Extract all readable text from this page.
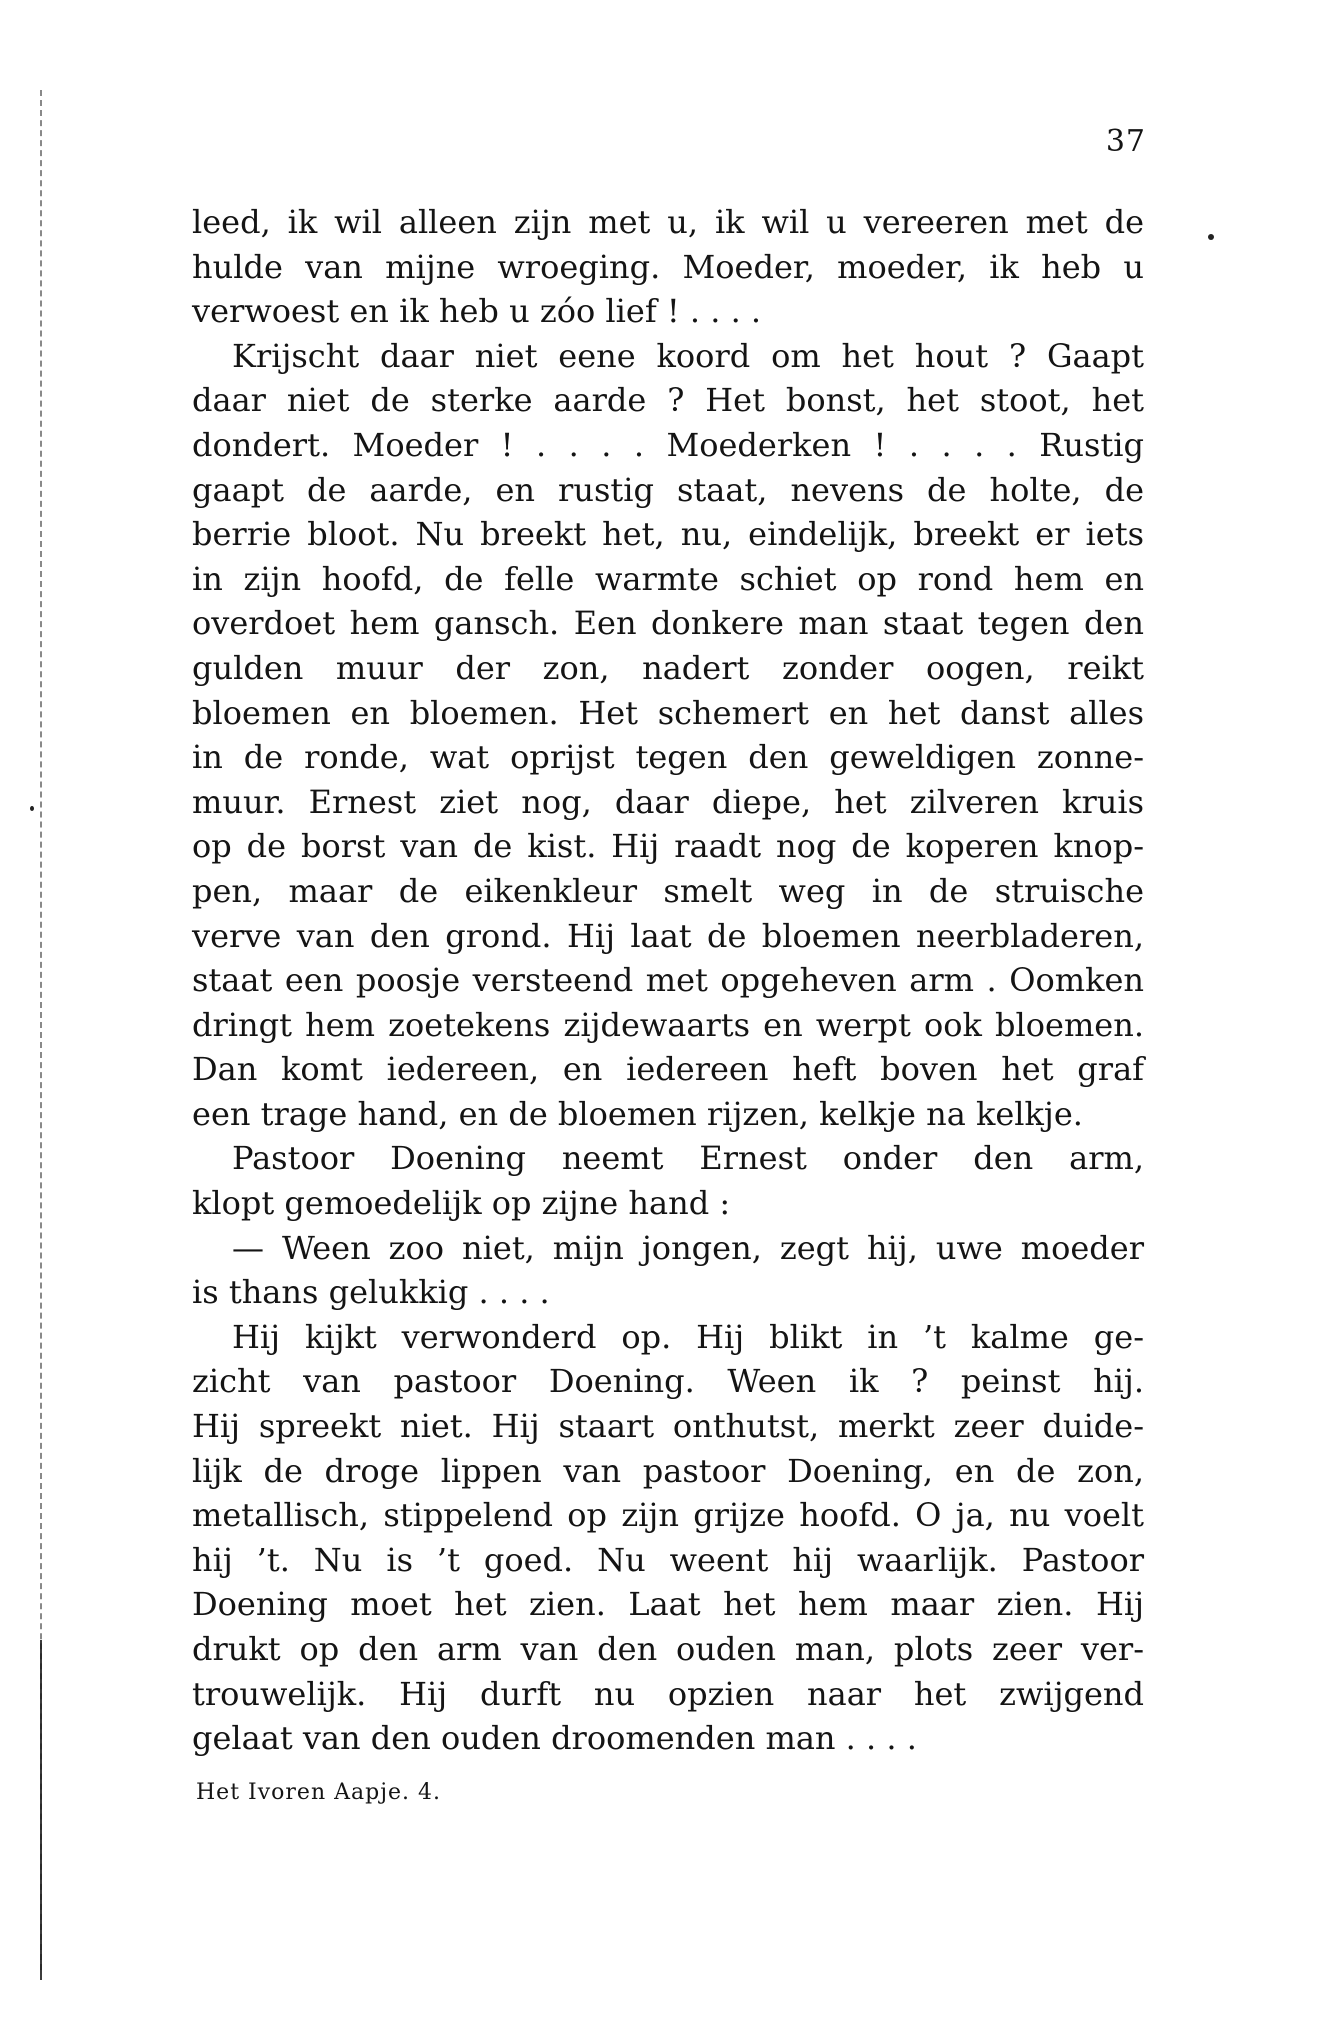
37
leed, ik wil alleen zijn met u, ik wil u vereeren met de
hulde van mijne wroeging. Moeder, moeder, ik heb u
verwoest en ik heb u zóo lief ! . . . .
Krijscht daar niet eene koord om het hout ? Gaapt
daar niet de sterke aarde ? Het bonst, het stoot, het
dondert. Moeder ! . . . . Moederken ! . . . . Rustig
gaapt de aarde, en rustig staat, nevens de holte, de
berrie bloot. Nu breekt het, nu, eindelijk, breekt er iets
in zijn hoofd, de felle warmte schiet op rond hem en
overdoet hem gansch. Een donkere man staat tegen den
gulden muur der zon, nadert zonder oogen, reikt
bloemen en bloemen. Het schemert en het danst alles
in de ronde, wat oprijst tegen den geweldigen zonne-
muur. Ernest ziet nog, daar diepe, het zilveren kruis
op de borst van de kist. Hij raadt nog de koperen knop-
pen, maar de eikenkleur smelt weg in de struische
verve van den grond. Hij laat de bloemen neerbladeren,
staat een poosje versteend met opgeheven arm . Oomken
dringt hem zoetekens zijdewaarts en werpt ook bloemen.
Dan komt iedereen, en iedereen heft boven het graf
een trage hand, en de bloemen rijzen, kelkje na kelkje.
Pastoor Doening neemt Ernest onder den arm,
klopt gemoedelijk op zijne hand :
— Ween zoo niet, mijn jongen, zegt hij, uwe moeder
is thans gelukkig . . . .
Hij kijkt verwonderd op. Hij blikt in ’t kalme ge-
zicht van pastoor Doening. Ween ik ? peinst hij.
Hij spreekt niet. Hij staart onthutst, merkt zeer duide-
lijk de droge lippen van pastoor Doening, en de zon,
metallisch, stippelend op zijn grijze hoofd. O ja, nu voelt
hij ’t. Nu is ’t goed. Nu weent hij waarlijk. Pastoor
Doening moet het zien. Laat het hem maar zien. Hij
drukt op den arm van den ouden man, plots zeer ver-
trouwelijk. Hij durft nu opzien naar het zwijgend
gelaat van den ouden droomenden man . . . .
Het Ivoren Aapje. 4.
